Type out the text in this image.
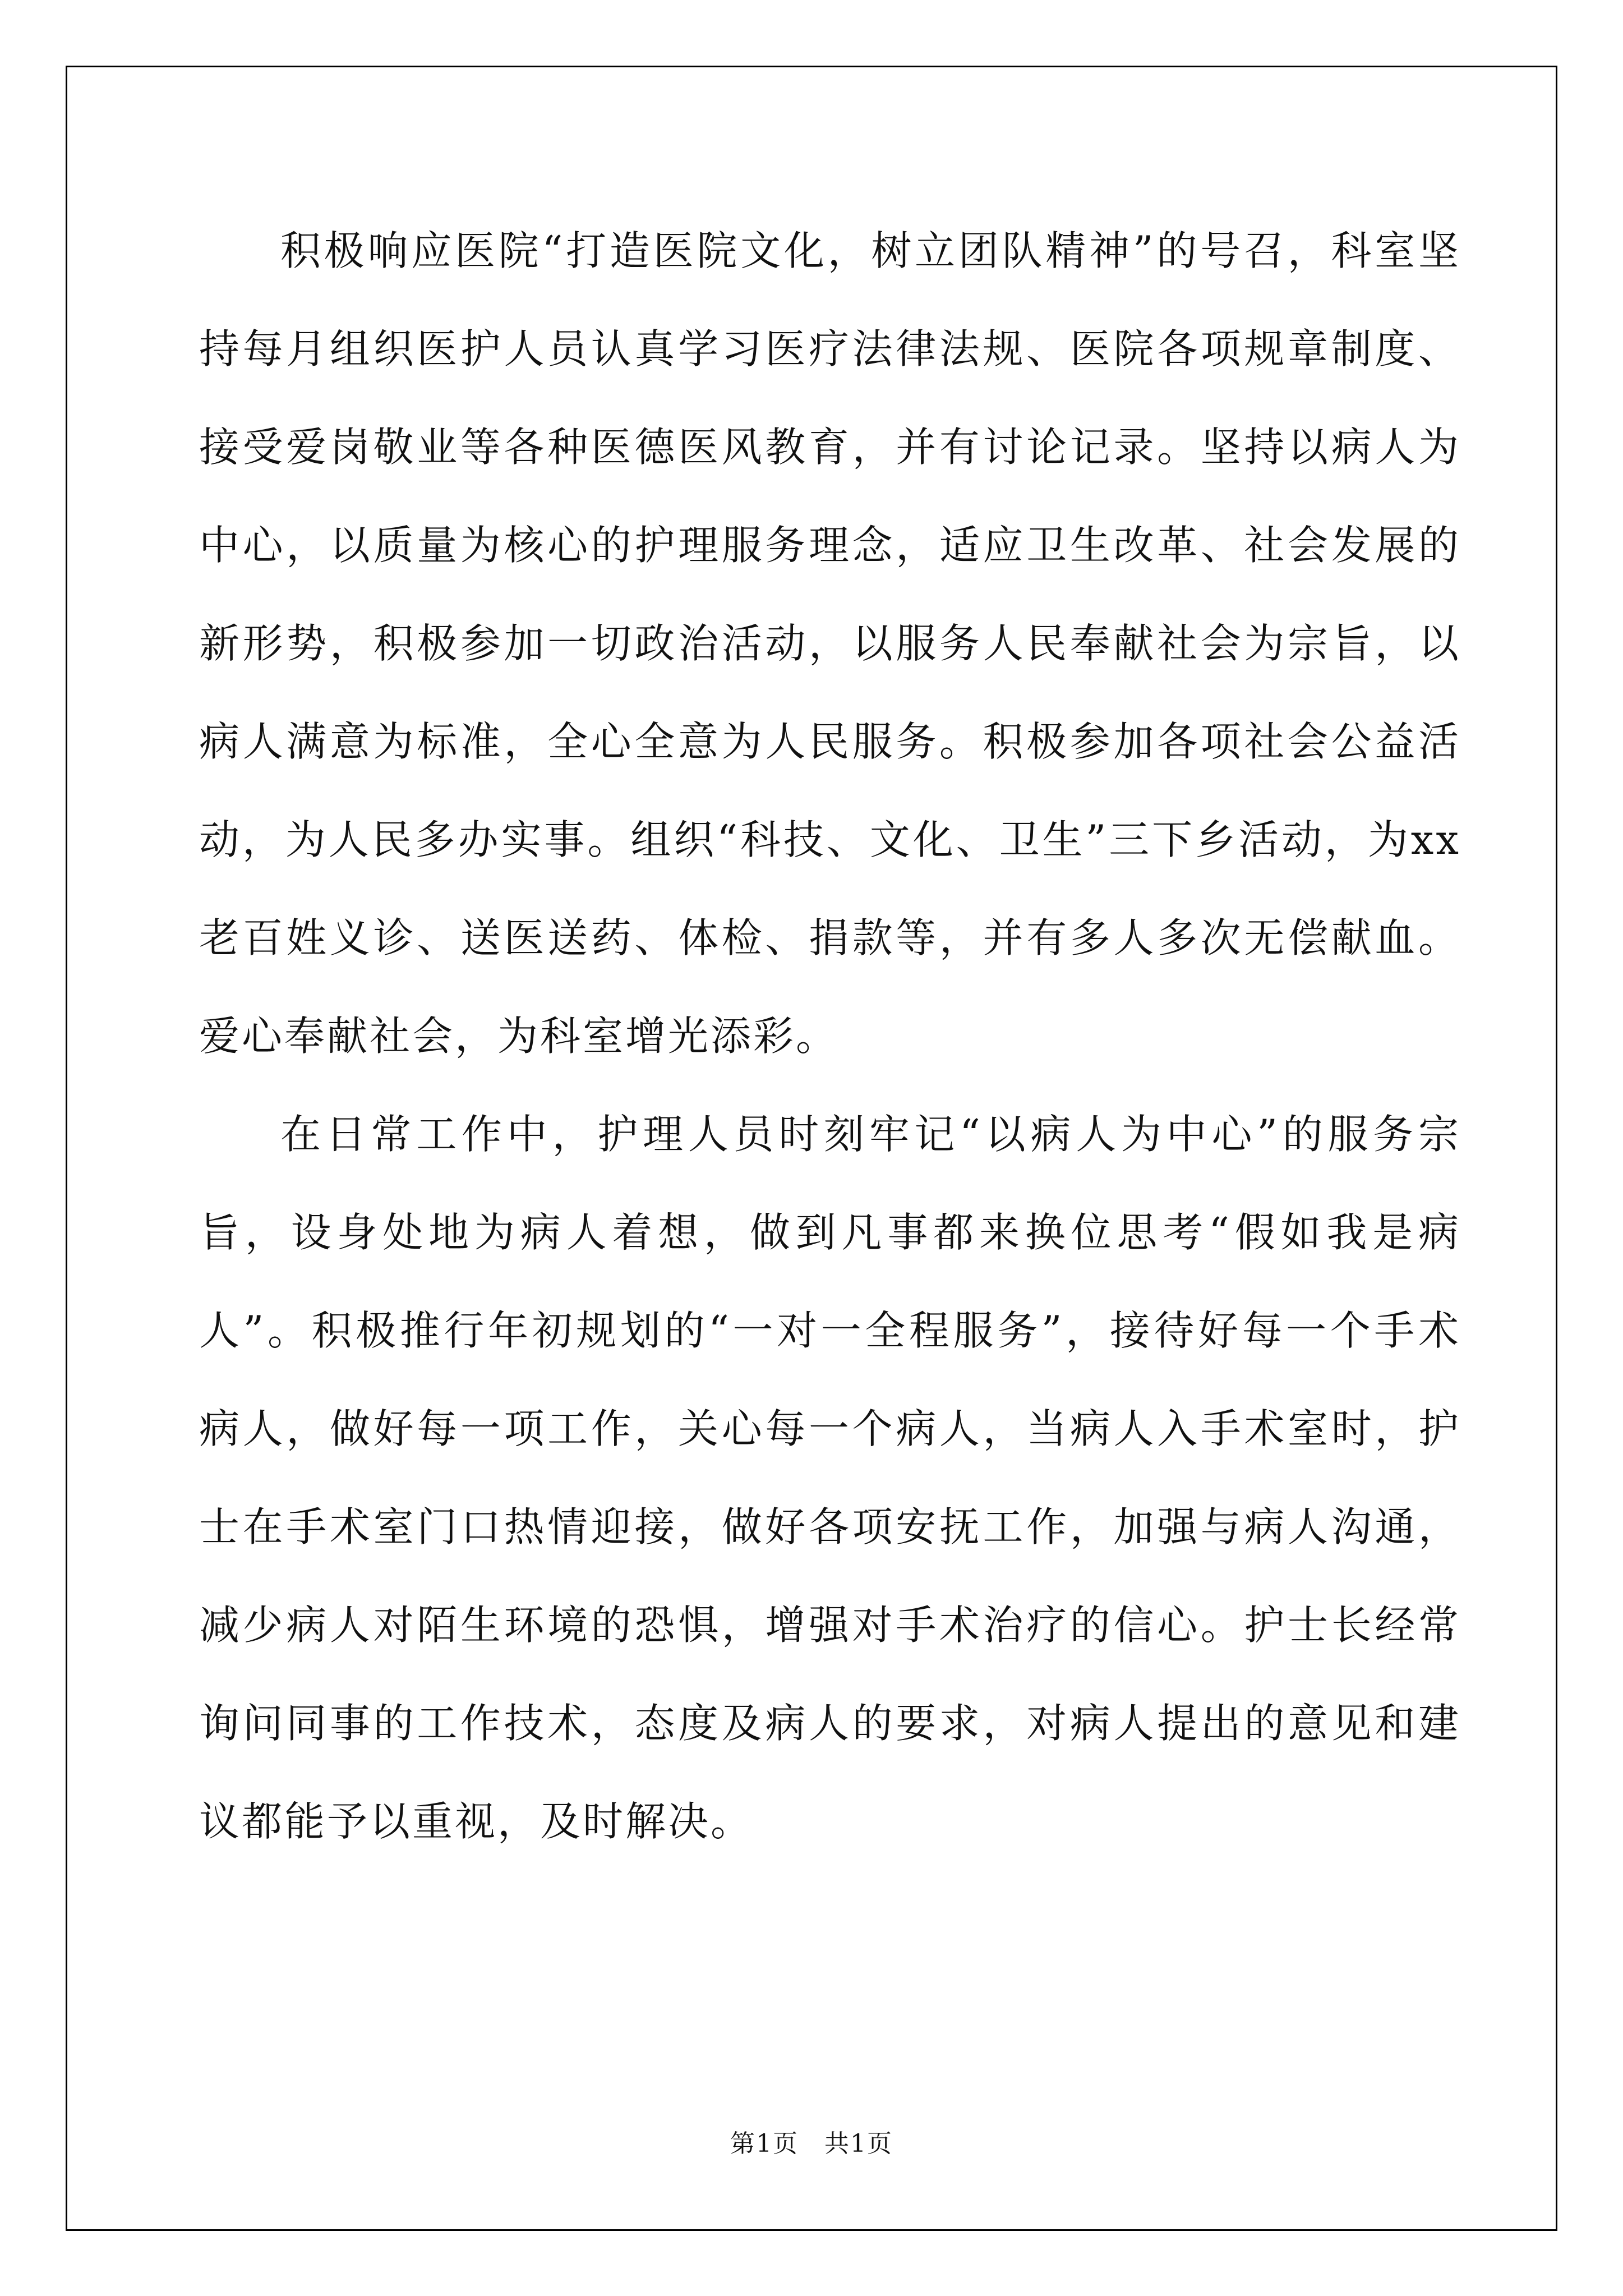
积极响应医院“打造医院文化，树立团队精神”的号召，科室坚持每月组织医护人员认真学习医疗法律法规、医院各项规章制度、接受爱岗敬业等各种医德医风教育，并有讨论记录。坚持以病人为中心，以质量为核心的护理服务理念，适应卫生改革、社会发展的新形势，积极参加一切政治活动，以服务人民奉献社会为宗旨，以病人满意为标准，全心全意为人民服务。积极参加各项社会公益活动，为人民多办实事。组织“科技、文化、卫生”三下乡活动，为xx老百姓义诊、送医送药、体检、捐款等，并有多人多次无偿献血。爱心奉献社会，为科室增光添彩。

在日常工作中，护理人员时刻牢记“以病人为中心”的服务宗旨，设身处地为病人着想，做到凡事都来换位思考“假如我是病人”。积极推行年初规划的“一对一全程服务”，接待好每一个手术病人，做好每一项工作，关心每一个病人，当病人入手术室时，护士在手术室门口热情迎接，做好各项安抚工作，加强与病人沟通，减少病人对陌生环境的恐惧，增强对手术治疗的信心。护士长经常询问同事的工作技术，态度及病人的要求，对病人提出的意见和建议都能予以重视，及时解决。

第1页　共1页
